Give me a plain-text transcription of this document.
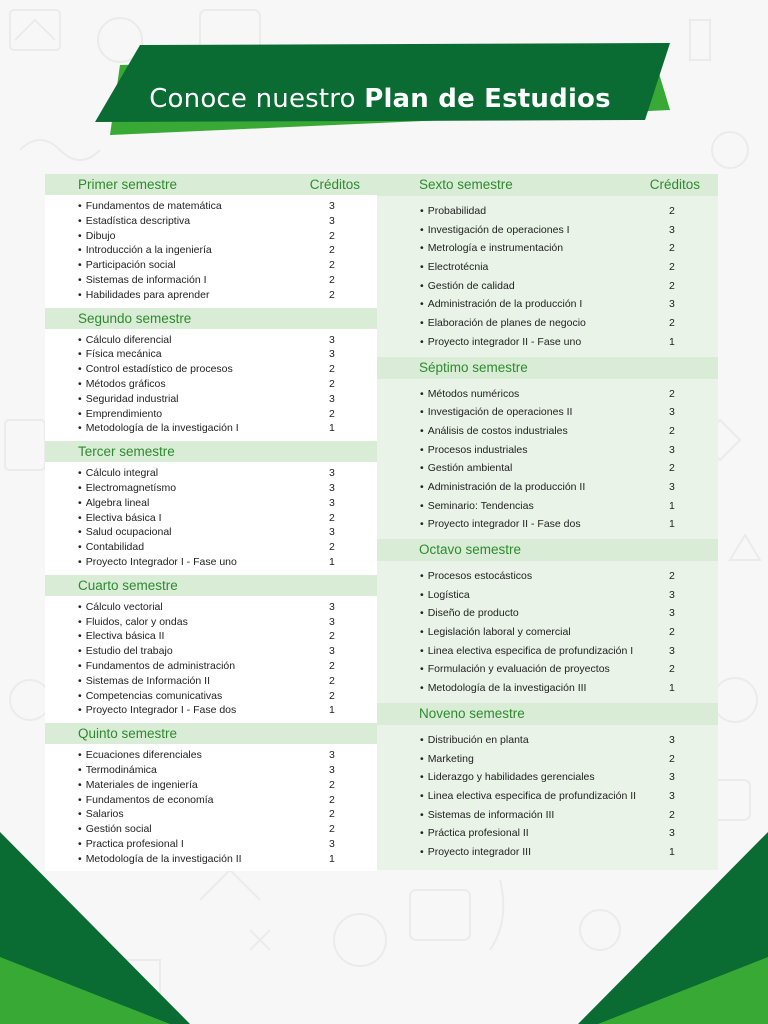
Conoce nuestro Plan de Estudios
Primer semestre	Créditos
• Fundamentos de matemática	3
• Estadística descriptiva	3
• Dibujo	2
• Introducción a la ingeniería	2
• Participación social	2
• Sistemas de información I	2
• Habilidades para aprender	2
Segundo semestre
• Cálculo diferencial	3
• Física mecánica	3
• Control estadístico de procesos	2
• Métodos gráficos	2
• Seguridad industrial	3
• Emprendimiento	2
• Metodología de la investigación I	1
Tercer semestre
• Cálculo integral	3
• Electromagnetísmo	3
• Algebra lineal	3
• Electiva básica I	2
• Salud ocupacional	3
• Contabilidad	2
• Proyecto Integrador I - Fase uno	1
Cuarto semestre
• Cálculo vectorial	3
• Fluidos, calor y ondas	3
• Electiva básica II	2
• Estudio del trabajo	3
• Fundamentos de administración	2
• Sistemas de Información II	2
• Competencias comunicativas	2
• Proyecto Integrador I - Fase dos	1
Quinto semestre
• Ecuaciones diferenciales	3
• Termodinámica	3
• Materiales de ingeniería	2
• Fundamentos de economía	2
• Salarios	2
• Gestión social	2
• Practica profesional I	3
• Metodología de la investigación II	1
Sexto semestre	Créditos
• Probabilidad	2
• Investigación de operaciones I	3
• Metrología e instrumentación	2
• Electrotécnia	2
• Gestión de calidad	2
• Administración de la producción I	3
• Elaboración de planes de negocio	2
• Proyecto integrador II - Fase uno	1
Séptimo semestre
• Métodos numéricos	2
• Investigación de operaciones II	3
• Análisis de costos industriales	2
• Procesos industriales	3
• Gestión ambiental	2
• Administración de la producción II	3
• Seminario: Tendencias	1
• Proyecto integrador II - Fase dos	1
Octavo semestre
• Procesos estocásticos	2
• Logística	3
• Diseño de producto	3
• Legislación laboral y comercial	2
• Linea electiva especifica de profundización I	3
• Formulación y evaluación de proyectos	2
• Metodología de la investigación III	1
Noveno semestre
• Distribución en planta	3
• Marketing	2
• Liderazgo y habilidades gerenciales	3
• Linea electiva especifica de profundización II	3
• Sistemas de información III	2
• Práctica profesional II	3
• Proyecto integrador III	1
